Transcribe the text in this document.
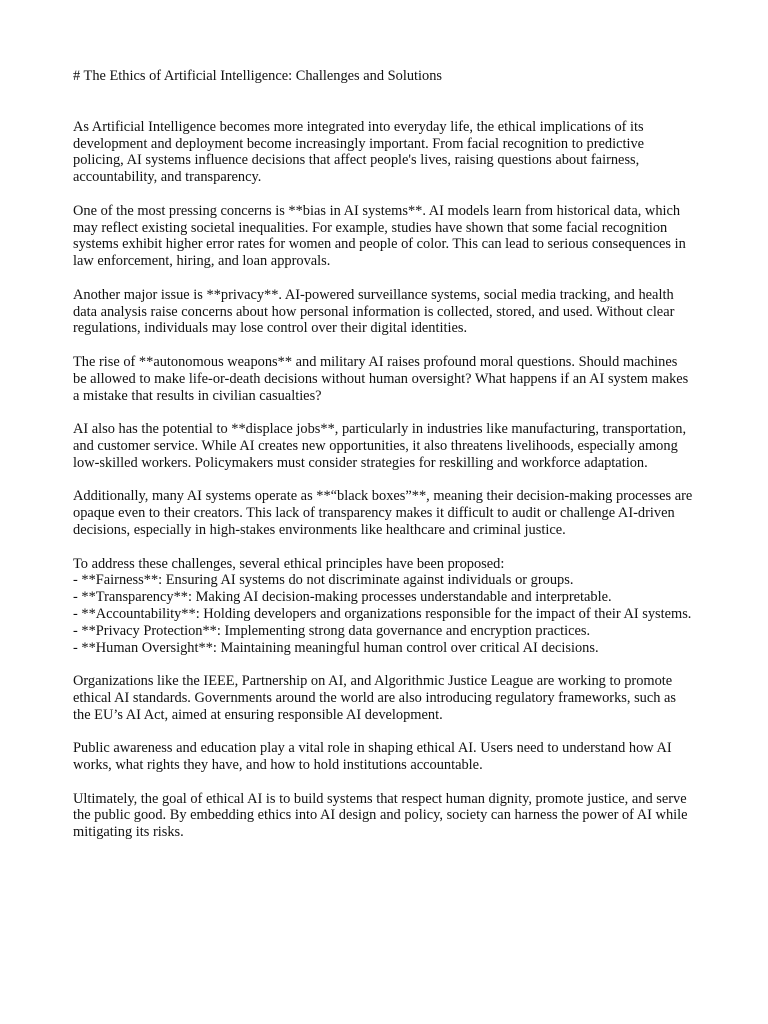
# The Ethics of Artificial Intelligence: Challenges and Solutions

As Artificial Intelligence becomes more integrated into everyday life, the ethical implications of its development and deployment become increasingly important. From facial recognition to predictive policing, AI systems influence decisions that affect people's lives, raising questions about fairness, accountability, and transparency.

One of the most pressing concerns is **bias in AI systems**. AI models learn from historical data, which may reflect existing societal inequalities. For example, studies have shown that some facial recognition systems exhibit higher error rates for women and people of color. This can lead to serious consequences in law enforcement, hiring, and loan approvals.

Another major issue is **privacy**. AI-powered surveillance systems, social media tracking, and health data analysis raise concerns about how personal information is collected, stored, and used. Without clear regulations, individuals may lose control over their digital identities.

The rise of **autonomous weapons** and military AI raises profound moral questions. Should machines be allowed to make life-or-death decisions without human oversight? What happens if an AI system makes a mistake that results in civilian casualties?

AI also has the potential to **displace jobs**, particularly in industries like manufacturing, transportation, and customer service. While AI creates new opportunities, it also threatens livelihoods, especially among low-skilled workers. Policymakers must consider strategies for reskilling and workforce adaptation.

Additionally, many AI systems operate as **“black boxes”**, meaning their decision-making processes are opaque even to their creators. This lack of transparency makes it difficult to audit or challenge AI-driven decisions, especially in high-stakes environments like healthcare and criminal justice.

To address these challenges, several ethical principles have been proposed:
- **Fairness**: Ensuring AI systems do not discriminate against individuals or groups.
- **Transparency**: Making AI decision-making processes understandable and interpretable.
- **Accountability**: Holding developers and organizations responsible for the impact of their AI systems.
- **Privacy Protection**: Implementing strong data governance and encryption practices.
- **Human Oversight**: Maintaining meaningful human control over critical AI decisions.

Organizations like the IEEE, Partnership on AI, and Algorithmic Justice League are working to promote ethical AI standards. Governments around the world are also introducing regulatory frameworks, such as the EU’s AI Act, aimed at ensuring responsible AI development.

Public awareness and education play a vital role in shaping ethical AI. Users need to understand how AI works, what rights they have, and how to hold institutions accountable.

Ultimately, the goal of ethical AI is to build systems that respect human dignity, promote justice, and serve the public good. By embedding ethics into AI design and policy, society can harness the power of AI while mitigating its risks.
